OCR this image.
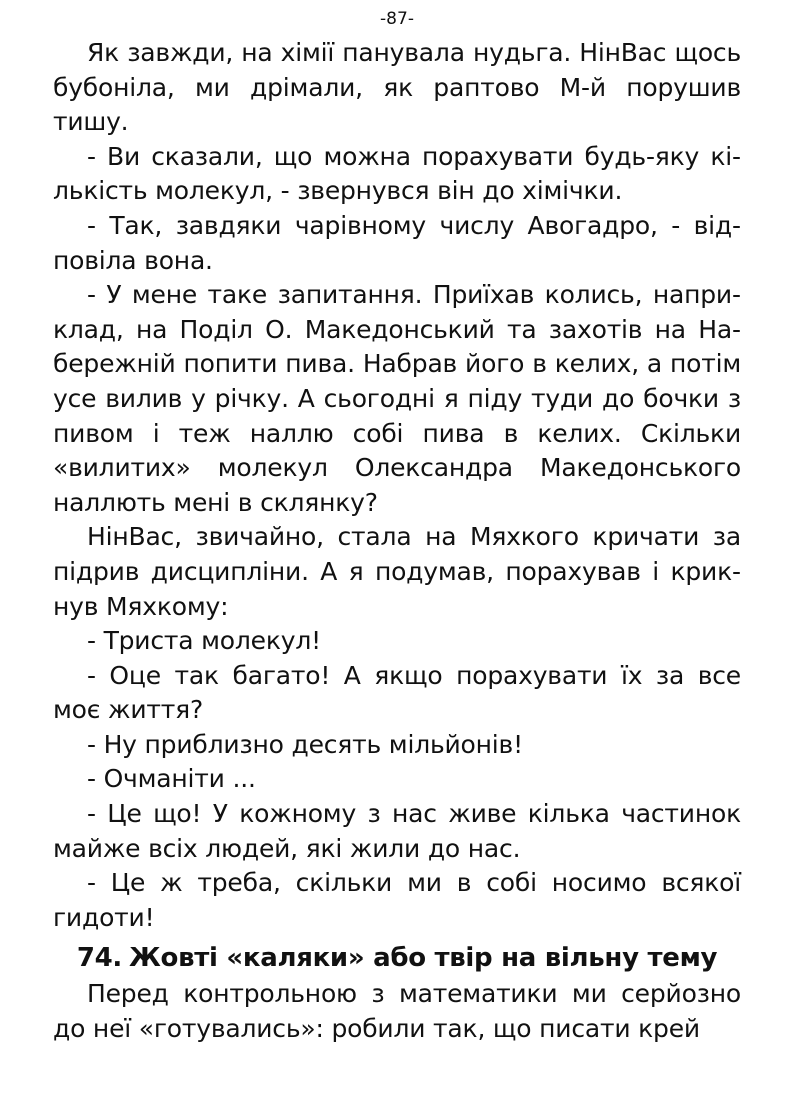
-87-

Як завжди, на хімії панувала нудьга. НінВас щось бубоніла, ми дрімали, як раптово М-й порушив тишу.

- Ви сказали, що можна порахувати будь-яку кількість молекул, - звернувся він до хімічки.

- Так, завдяки чарівному числу Авогадро, - відповіла вона.

- У мене таке запитання. Приїхав колись, наприклад, на Поділ О. Македонський та захотів на Набережній попити пива. Набрав його в келих, а потім усе вилив у річку. А сьогодні я піду туди до бочки з пивом і теж наллю собі пива в келих. Скільки «вилитих» молекул Олександра Македонського наллють мені в склянку?

НінВас, звичайно, стала на Мяхкого кричати за підрив дисципліни. А я подумав, порахував і крикнув Мяхкому:

- Триста молекул!

- Оце так багато! А якщо порахувати їх за все моє життя?

- Ну приблизно десять мільйонів!

- Очманіти ...

- Це що! У кожному з нас живе кілька частинок майже всіх людей, які жили до нас.

- Це ж треба, скільки ми в собі носимо всякої гидоти!

74. Жовті «каляки» або твір на вільну тему

Перед контрольною з математики ми серйозно до неї «готувались»: робили так, що писати крей
